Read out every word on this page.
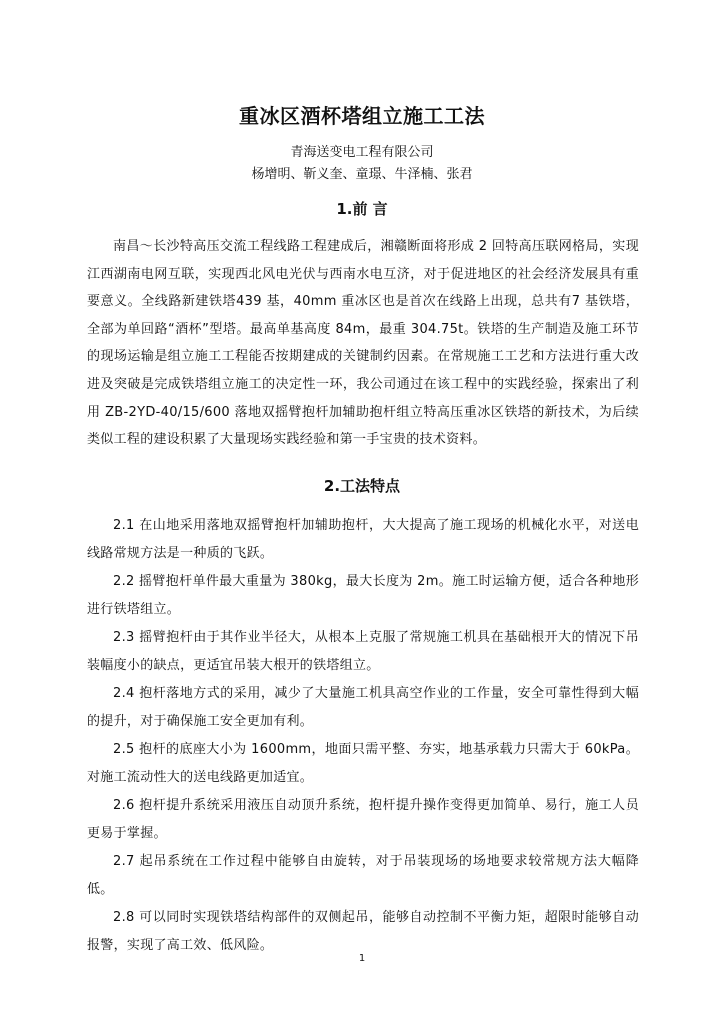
重冰区酒杯塔组立施工工法
青海送变电工程有限公司
杨增明、靳义奎、童璟、牛泽楠、张君
1.前 言

南昌～长沙特高压交流工程线路工程建成后，湘赣断面将形成 2 回特高压联网格局，实现江西湖南电网互联，实现西北风电光伏与西南水电互济，对于促进地区的社会经济发展具有重要意义。全线路新建铁塔439 基，40mm 重冰区也是首次在线路上出现，总共有7 基铁塔，全部为单回路“酒杯”型塔。最高单基高度 84m，最重 304.75t。铁塔的生产制造及施工环节的现场运输是组立施工工程能否按期建成的关键制约因素。在常规施工工艺和方法进行重大改进及突破是完成铁塔组立施工的决定性一环，我公司通过在该工程中的实践经验，探索出了利用 ZB-2YD-40/15/600 落地双摇臂抱杆加辅助抱杆组立特高压重冰区铁塔的新技术，为后续类似工程的建设积累了大量现场实践经验和第一手宝贵的技术资料。

2.工法特点

2.1 在山地采用落地双摇臂抱杆加辅助抱杆，大大提高了施工现场的机械化水平，对送电线路常规方法是一种质的飞跃。

2.2 摇臂抱杆单件最大重量为 380kg，最大长度为 2m。施工时运输方便，适合各种地形进行铁塔组立。

2.3 摇臂抱杆由于其作业半径大，从根本上克服了常规施工机具在基础根开大的情况下吊装幅度小的缺点，更适宜吊装大根开的铁塔组立。

2.4 抱杆落地方式的采用，减少了大量施工机具高空作业的工作量，安全可靠性得到大幅的提升，对于确保施工安全更加有利。

2.5 抱杆的底座大小为 1600mm，地面只需平整、夯实，地基承载力只需大于 60kPa。对施工流动性大的送电线路更加适宜。

2.6 抱杆提升系统采用液压自动顶升系统，抱杆提升操作变得更加简单、易行，施工人员更易于掌握。

2.7 起吊系统在工作过程中能够自由旋转，对于吊装现场的场地要求较常规方法大幅降低。

2.8 可以同时实现铁塔结构部件的双侧起吊，能够自动控制不平衡力矩，超限时能够自动报警，实现了高工效、低风险。

1
